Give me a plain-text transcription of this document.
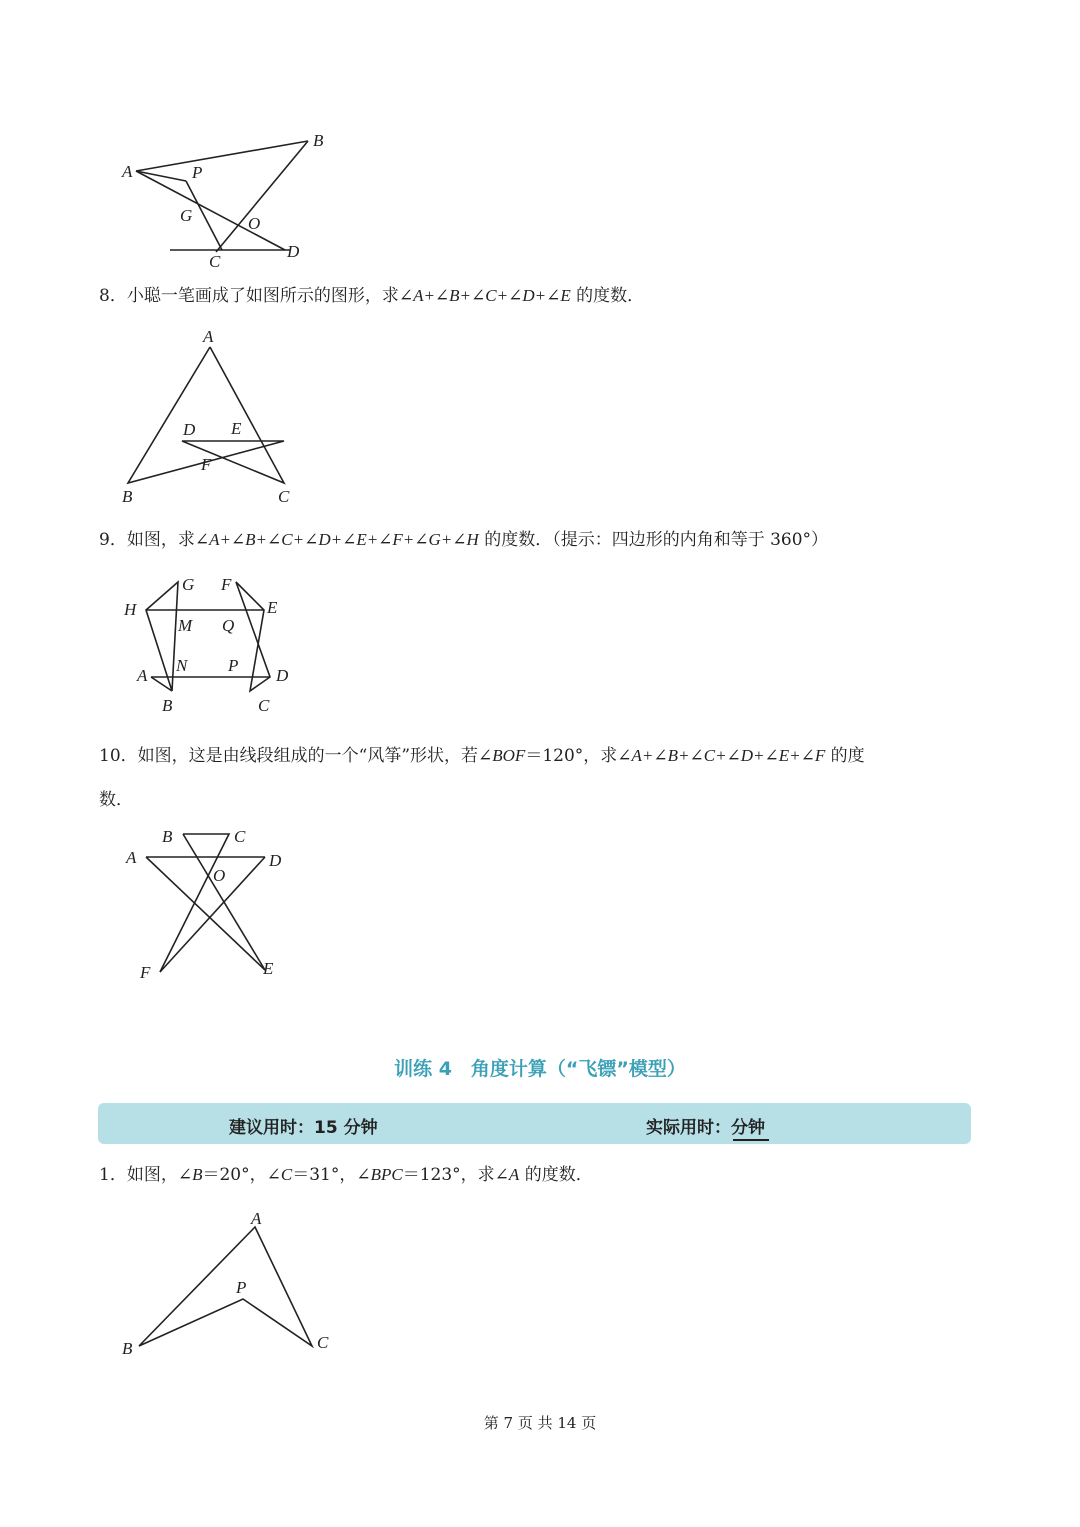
A
B
P
G	O
C
D
8．小聪一笔画成了如图所示的图形，求∠A+∠B+∠C+∠D+∠E 的度数．
A
B	C
D E
F
9．如图，求∠A+∠B+∠C+∠D+∠E+∠F+∠G+∠H 的度数．（提示：四边形的内角和等于 360°）
H
G F
E
M Q
N P
A	D
B	C
10．如图，这是由线段组成的一个“风筝”形状，若∠BOF＝120°，求∠A+∠B+∠C+∠D+∠E+∠F 的度
数．
B	C
A	D
O
F	E
训练 4　角度计算（“飞镖”模型）
建议用时：15 分钟	实际用时：
分钟
1．如图，∠B＝20°，∠C＝31°，∠BPC＝123°，求∠A 的度数．
A
P
B	C
第 7 页 共 14 页
